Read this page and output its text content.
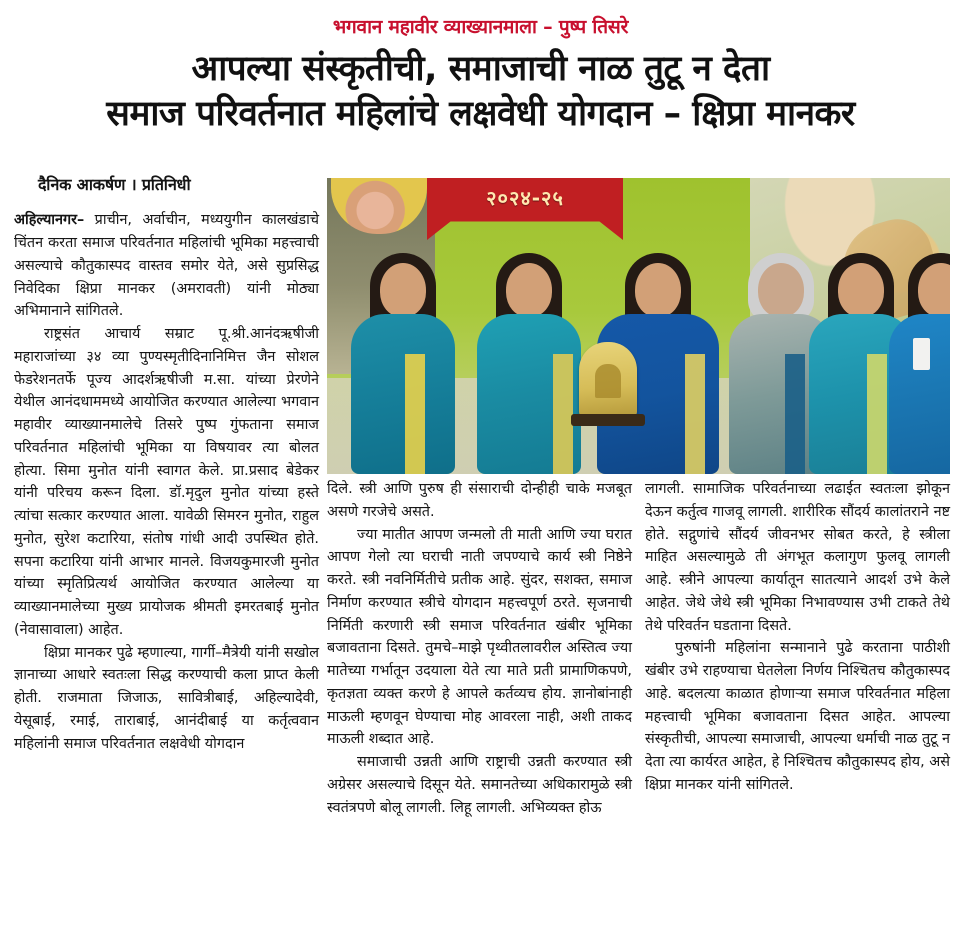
भगवान महावीर व्याख्यानमाला – पुष्प तिसरे
आपल्या संस्कृतीची, समाजाची नाळ तुटू न देता
समाज परिवर्तनात महिलांचे लक्षवेधी योगदान – क्षिप्रा मानकर
२०२४-२५
दैनिक आकर्षण । प्रतिनिधी

अहिल्यानगर– प्राचीन, अर्वाचीन, मध्ययुगीन कालखंडाचे चिंतन करता समाज परिवर्तनात महिलांची भूमिका महत्त्वाची असल्याचे कौतुकास्पद वास्तव समोर येते, असे सुप्रसिद्ध निवेदिका क्षिप्रा मानकर (अमरावती) यांनी मोठ्या अभिमानाने सांगितले.

राष्ट्रसंत आचार्य सम्राट पू.श्री.आनंदऋषीजी महाराजांच्या ३४ व्या पुण्यस्मृतीदिनानिमित्त जैन सोशल फेडरेशनतर्फे पूज्य आदर्शऋषीजी म.सा. यांच्या प्रेरणेने येथील आनंदधाममध्ये आयोजित करण्यात आलेल्या भगवान महावीर व्याख्यानमालेचे तिसरे पुष्प गुंफताना समाज परिवर्तनात महिलांची भूमिका या विषयावर त्या बोलत होत्या. सिमा मुनोत यांनी स्वागत केले. प्रा.प्रसाद बेडेकर यांनी परिचय करून दिला. डॉ.मृदुल मुनोत यांच्या हस्ते त्यांचा सत्कार करण्यात आला. यावेळी सिमरन मुनोत, राहुल मुनोत, सुरेश कटारिया, संतोष गांधी आदी उपस्थित होते. सपना कटारिया यांनी आभार मानले. विजयकुमारजी मुनोत यांच्या स्मृतिप्रित्यर्थ आयोजित करण्यात आलेल्या या व्याख्यानमालेच्या मुख्य प्रायोजक श्रीमती इमरतबाई मुनोत (नेवासावाला) आहेत.

क्षिप्रा मानकर पुढे म्हणाल्या, गार्गी–मैत्रेयी यांनी सखोल ज्ञानाच्या आधारे स्वतःला सिद्ध करण्याची कला प्राप्त केली होती. राजमाता जिजाऊ, सावित्रीबाई, अहिल्यादेवी, येसूबाई, रमाई, ताराबाई, आनंदीबाई या कर्तृत्ववान महिलांनी समाज परिवर्तनात लक्षवेधी योगदान

दिले. स्त्री आणि पुरुष ही संसाराची दोन्हीही चाके मजबूत असणे गरजेचे असते.

ज्या मातीत आपण जन्मलो ती माती आणि ज्या घरात आपण गेलो त्या घराची नाती जपण्याचे कार्य स्त्री निष्ठेने करते. स्त्री नवनिर्मितीचे प्रतीक आहे. सुंदर, सशक्त, समाज निर्माण करण्यात स्त्रीचे योगदान महत्त्वपूर्ण ठरते. सृजनाची निर्मिती करणारी स्त्री समाज परिवर्तनात खंबीर भूमिका बजावताना दिसते. तुमचे–माझे पृथ्वीतलावरील अस्तित्व ज्या मातेच्या गर्भातून उदयाला येते त्या माते प्रती प्रामाणिकपणे, कृतज्ञता व्यक्त करणे हे आपले कर्तव्यच होय. ज्ञानोबांनाही माऊली म्हणवून घेण्याचा मोह आवरला नाही, अशी ताकद माऊली शब्दात आहे.

समाजाची उन्नती आणि राष्ट्राची उन्नती करण्यात स्त्री अग्रेसर असल्याचे दिसून येते. समानतेच्या अधिकारामुळे स्त्री स्वतंत्रपणे बोलू लागली. लिहू लागली. अभिव्यक्त होऊ

लागली. सामाजिक परिवर्तनाच्या लढाईत स्वतःला झोकून देऊन कर्तुत्व गाजवू लागली. शारीरिक सौंदर्य कालांतराने नष्ट होते. सद्गुणांचे सौंदर्य जीवनभर सोबत करते, हे स्त्रीला माहित असल्यामुळे ती अंगभूत कलागुण फुलवू लागली आहे. स्त्रीने आपल्या कार्यातून सातत्याने आदर्श उभे केले आहेत. जेथे जेथे स्त्री भूमिका निभावण्यास उभी टाकते तेथे तेथे परिवर्तन घडताना दिसते.

पुरुषांनी महिलांना सन्मानाने पुढे करताना पाठीशी खंबीर उभे राहण्याचा घेतलेला निर्णय निश्चितच कौतुकास्पद आहे. बदलत्या काळात होणाऱ्या समाज परिवर्तनात महिला महत्त्वाची भूमिका बजावताना दिसत आहेत. आपल्या संस्कृतीची, आपल्या समाजाची, आपल्या धर्माची नाळ तुटू न देता त्या कार्यरत आहेत, हे निश्चितच कौतुकास्पद होय, असे क्षिप्रा मानकर यांनी सांगितले.
